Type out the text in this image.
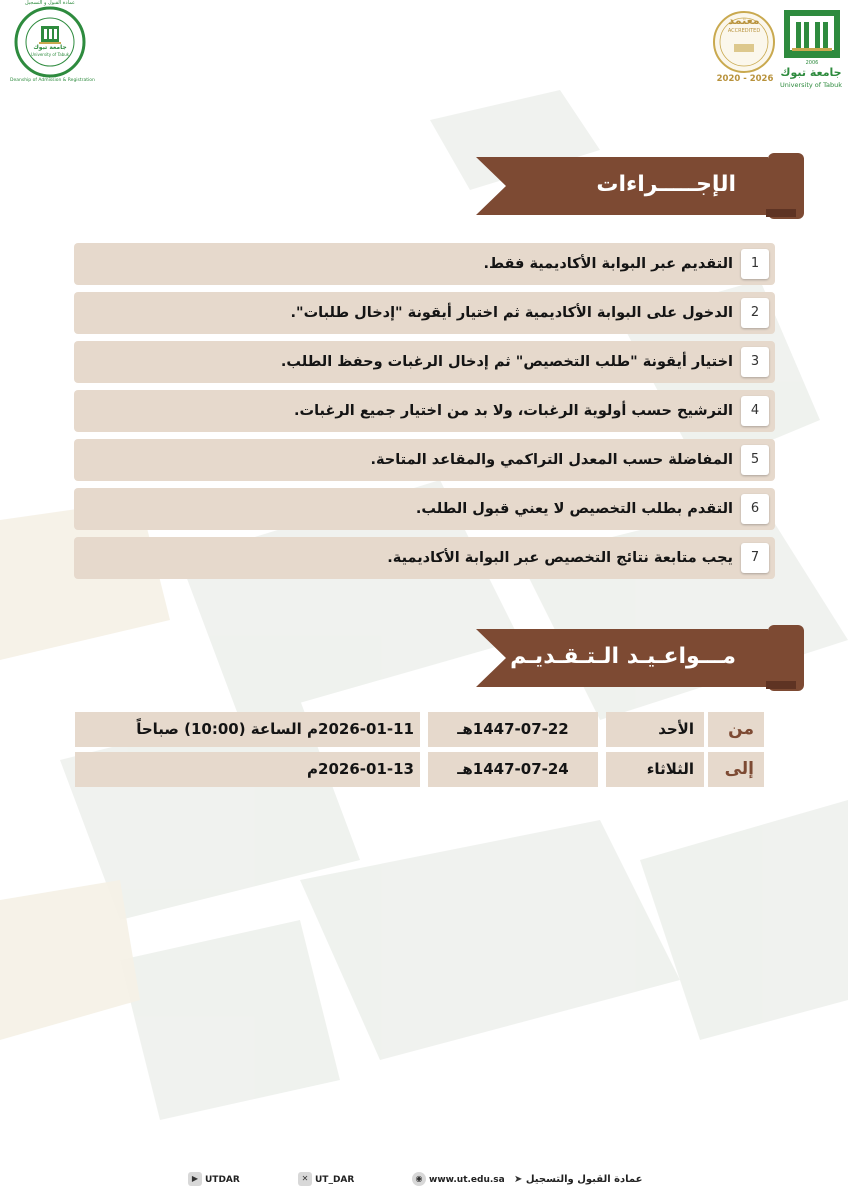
جامعة تبوك
University of Tabuk
عمادة القبول و التسجيل
Deanship of Admission & Registration
معتمد
ACCREDITED
2020 - 2026
2006
جامعة تبوك
University of Tabuk
الإجـــــراءات
1
التقديم عبر البوابة الأكاديمية فقط.
2
الدخول على البوابة الأكاديمية ثم اختيار أيقونة "إدخال طلبات".
3
اختيار أيقونة "طلب التخصيص" ثم إدخال الرغبات وحفظ الطلب.
4
الترشيح حسب أولوية الرغبات، ولا بد من اختيار جميع الرغبات.
5
المفاضلة حسب المعدل التراكمي والمقاعد المتاحة.
6
التقدم بطلب التخصيص لا يعني قبول الطلب.
7
يجب متابعة نتائج التخصيص عبر البوابة الأكاديمية.
مـــواعـيـد الـتـقـديـم
من
الأحد
1447-07-22هـ
2026-01-11م الساعة (10:00) صباحاً
إلى
الثلاثاء
1447-07-24هـ
2026-01-13م
▶ UTDAR	✕ UT_DAR	◉ www.ut.edu.sa	عمادة القبول والتسجيل ➤
